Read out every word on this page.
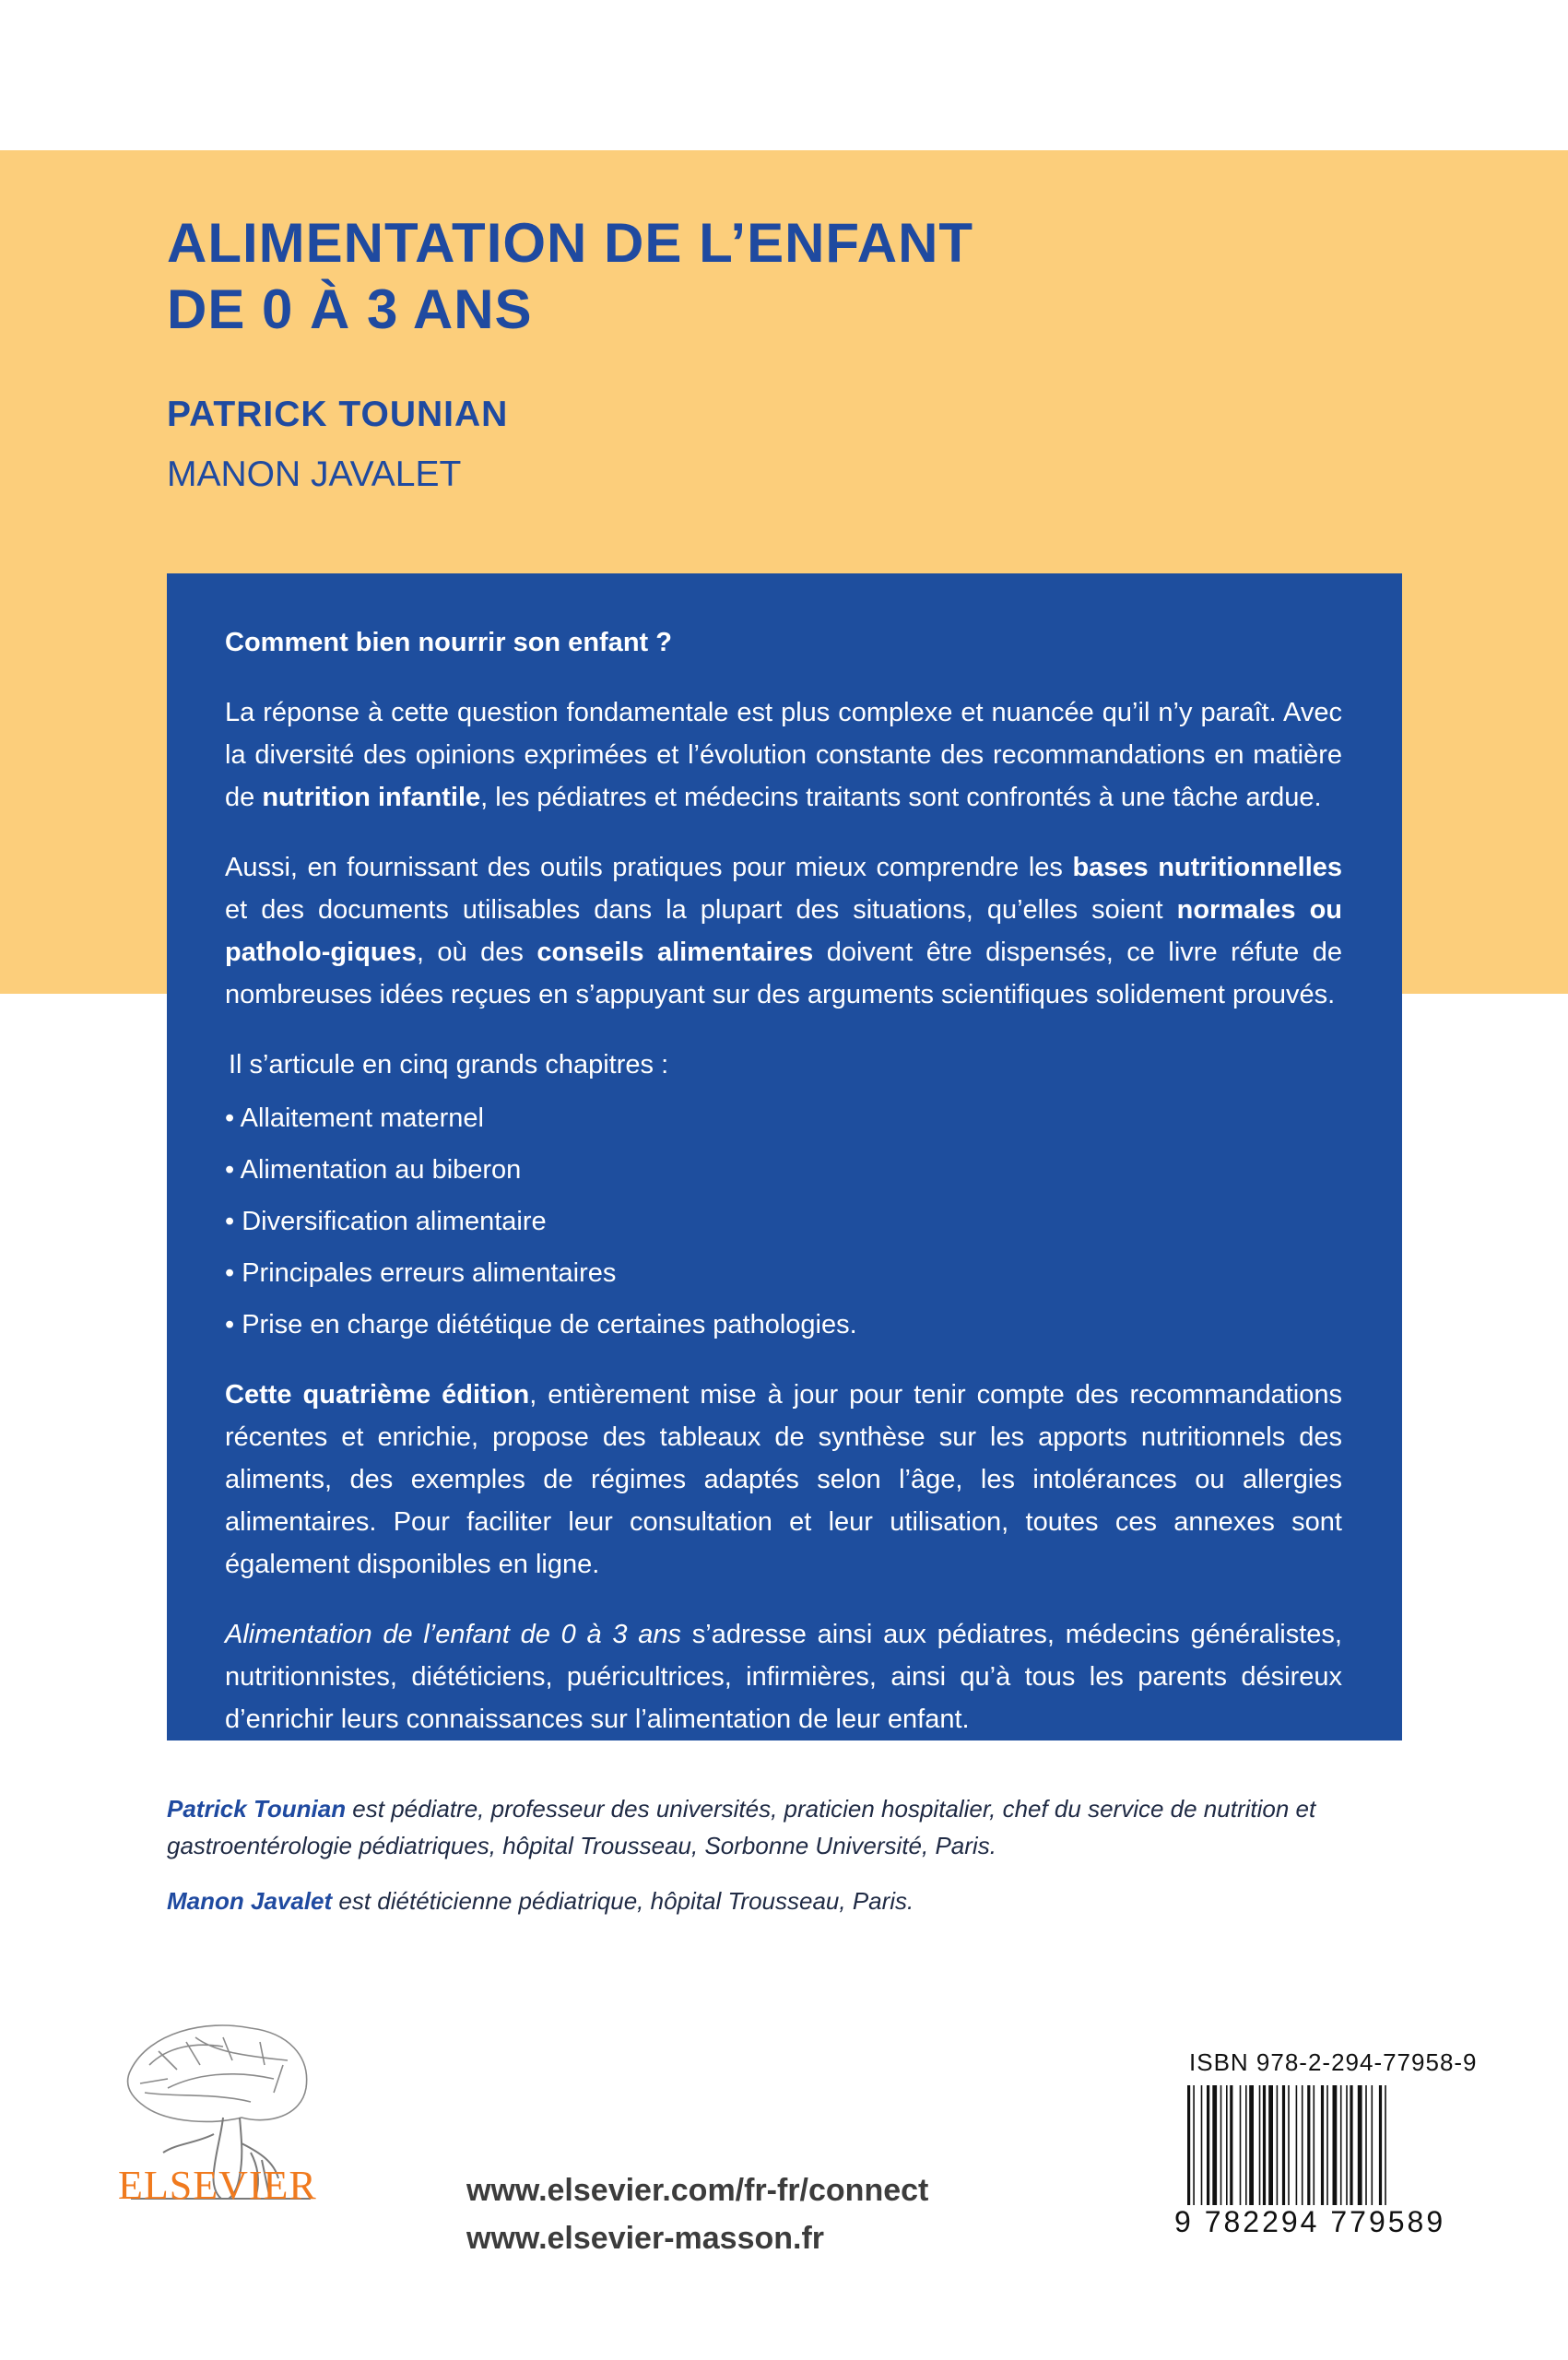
ALIMENTATION DE L’ENFANT
DE 0 À 3 ANS
PATRICK TOUNIAN
MANON JAVALET

Comment bien nourrir son enfant ?

La réponse à cette question fondamentale est plus complexe et nuancée qu’il n’y paraît. Avec la diversité des opinions exprimées et l’évolution constante des recommandations en matière de nutrition infantile, les pédiatres et médecins traitants sont confrontés à une tâche ardue.

Aussi, en fournissant des outils pratiques pour mieux comprendre les bases nutritionnelles et des documents utilisables dans la plupart des situations, qu’elles soient normales ou patholo-giques, où des conseils alimentaires doivent être dispensés, ce livre réfute de nombreuses idées reçues en s’appuyant sur des arguments scientifiques solidement prouvés.

Il s’articule en cinq grands chapitres :

• Allaitement maternel
• Alimentation au biberon
• Diversification alimentaire
• Principales erreurs alimentaires
• Prise en charge diététique de certaines pathologies.

Cette quatrième édition, entièrement mise à jour pour tenir compte des recommandations récentes et enrichie, propose des tableaux de synthèse sur les apports nutritionnels des aliments, des exemples de régimes adaptés selon l’âge, les intolérances ou allergies alimentaires. Pour faciliter leur consultation et leur utilisation, toutes ces annexes sont également disponibles en ligne.

Alimentation de l’enfant de 0 à 3 ans s’adresse ainsi aux pédiatres, médecins généralistes, nutritionnistes, diététiciens, puéricultrices, infirmières, ainsi qu’à tous les parents désireux d’enrichir leurs connaissances sur l’alimentation de leur enfant.

Patrick Tounian est pédiatre, professeur des universités, praticien hospitalier, chef du service de nutrition et gastroentérologie pédiatriques, hôpital Trousseau, Sorbonne Université, Paris.

Manon Javalet est diététicienne pédiatrique, hôpital Trousseau, Paris.

ELSEVIER	www.elsevier.com/fr-fr/connect
www.elsevier-masson.fr
ISBN 978-2-294-77958-9
9 782294 779589
